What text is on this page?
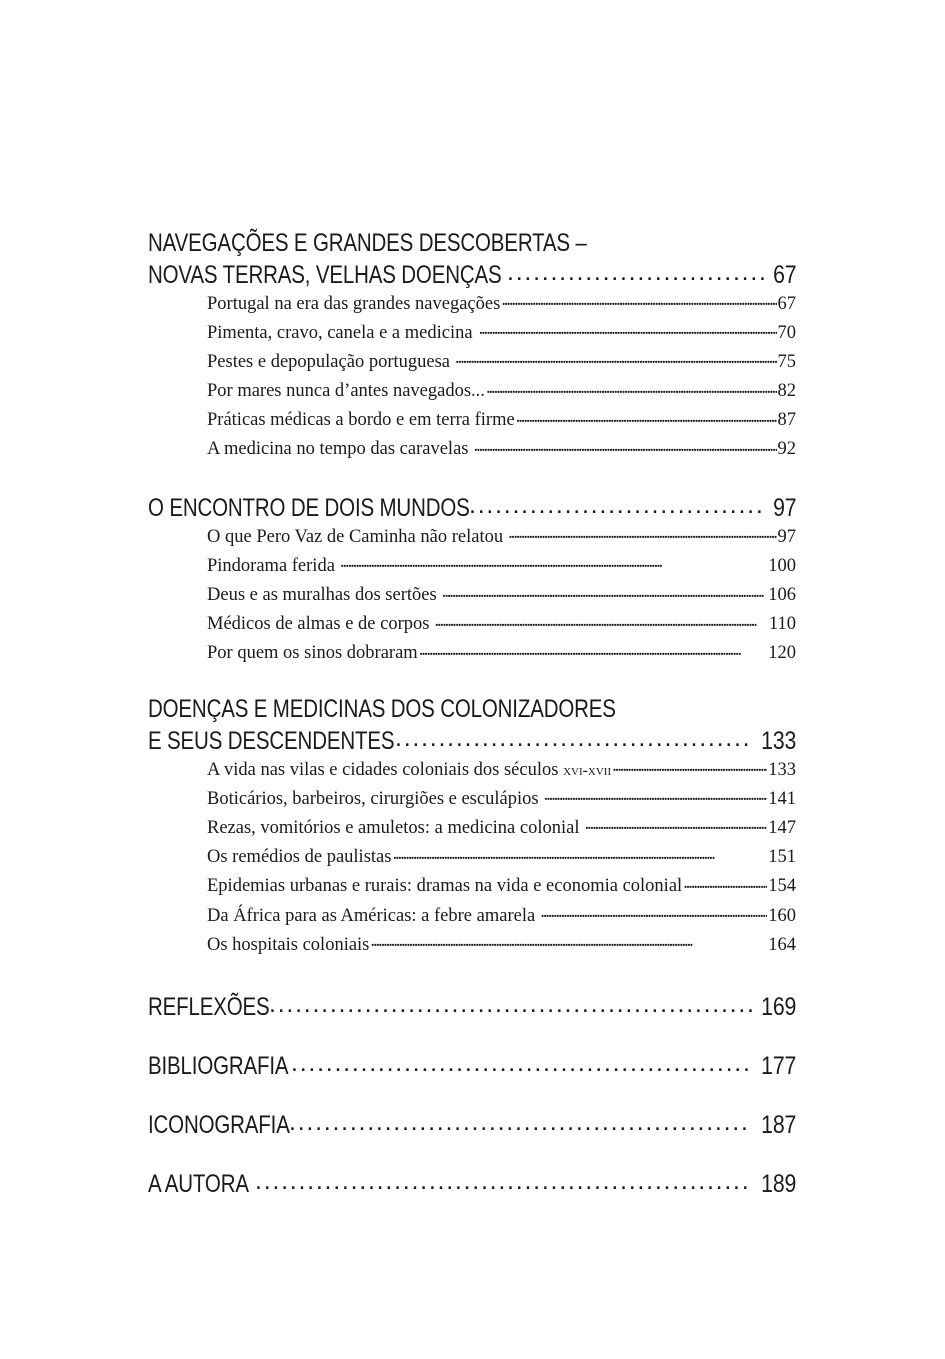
NAVEGAÇÕES E GRANDES DESCOBERTAS –
NOVAS TERRAS, VELHAS DOENÇAS . . .	67
Portugal na era das grandes navegações . . .	67
Pimenta, cravo, canela e a medicina . . .	70
Pestes e depopulação portuguesa . . .	75
Por mares nunca d’antes navegados... . . .	82
Práticas médicas a bordo e em terra firme . . .	87
A medicina no tempo das caravelas . . .	92
O ENCONTRO DE DOIS MUNDOS . . .	97
O que Pero Vaz de Caminha não relatou . . .	97
Pindorama ferida . . .	100
Deus e as muralhas dos sertões . . .	106
Médicos de almas e de corpos . . .	110
Por quem os sinos dobraram . . .	120
DOENÇAS E MEDICINAS DOS COLONIZADORES
E SEUS DESCENDENTES . . .	133
A vida nas vilas e cidades coloniais dos séculos xvi-xvii . . .	133
Boticários, barbeiros, cirurgiões e esculápios . . .	141
Rezas, vomitórios e amuletos: a medicina colonial . . .	147
Os remédios de paulistas . . .	151
Epidemias urbanas e rurais: dramas na vida e economia colonial . . .	154
Da África para as Américas: a febre amarela . . .	160
Os hospitais coloniais . . .	164
REFLEXÕES . . .	169
BIBLIOGRAFIA . . .	177
ICONOGRAFIA . . .	187
A AUTORA . . .	189
